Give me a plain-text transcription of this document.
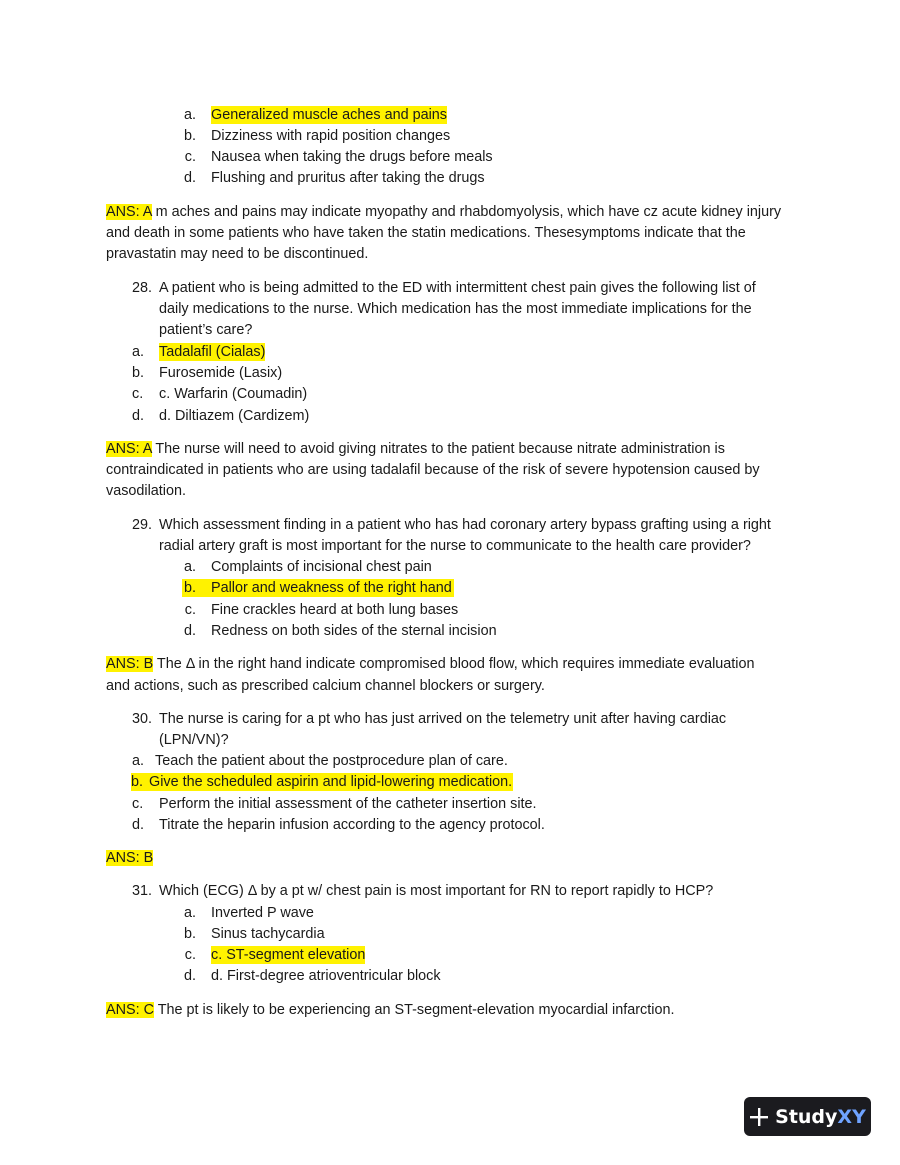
a. Generalized muscle aches and pains
b. Dizziness with rapid position changes
c. Nausea when taking the drugs before meals
d. Flushing and pruritus after taking the drugs
ANS: A m aches and pains may indicate myopathy and rhabdomyolysis, which have cz acute kidney injury
and death in some patients who have taken the statin medications. Thesesymptoms indicate that the
pravastatin may need to be discontinued.
28. A patient who is being admitted to the ED with intermittent chest pain gives the following list of
daily medications to the nurse. Which medication has the most immediate implications for the
patient’s care?
a. Tadalafil (Cialas)
b. Furosemide (Lasix)
c. c. Warfarin (Coumadin)
d. d. Diltiazem (Cardizem)
ANS: A The nurse will need to avoid giving nitrates to the patient because nitrate administration is
contraindicated in patients who are using tadalafil because of the risk of severe hypotension caused by
vasodilation.
29. Which assessment finding in a patient who has had coronary artery bypass grafting using a right
radial artery graft is most important for the nurse to communicate to the health care provider?
a. Complaints of incisional chest pain
b. Pallor and weakness of the right hand
c. Fine crackles heard at both lung bases
d. Redness on both sides of the sternal incision
ANS: B The Δ in the right hand indicate compromised blood flow, which requires immediate evaluation
and actions, such as prescribed calcium channel blockers or surgery.
30. The nurse is caring for a pt who has just arrived on the telemetry unit after having cardiac
(LPN/VN)?
a. Teach the patient about the postprocedure plan of care.
b. Give the scheduled aspirin and lipid-lowering medication.
c. Perform the initial assessment of the catheter insertion site.
d. Titrate the heparin infusion according to the agency protocol.
ANS: B
31. Which (ECG) Δ by a pt w/ chest pain is most important for RN to report rapidly to HCP?
a. Inverted P wave
b. Sinus tachycardia
c. c. ST-segment elevation
d. d. First-degree atrioventricular block
ANS: C The pt is likely to be experiencing an ST-segment-elevation myocardial infarction.
StudyXY
